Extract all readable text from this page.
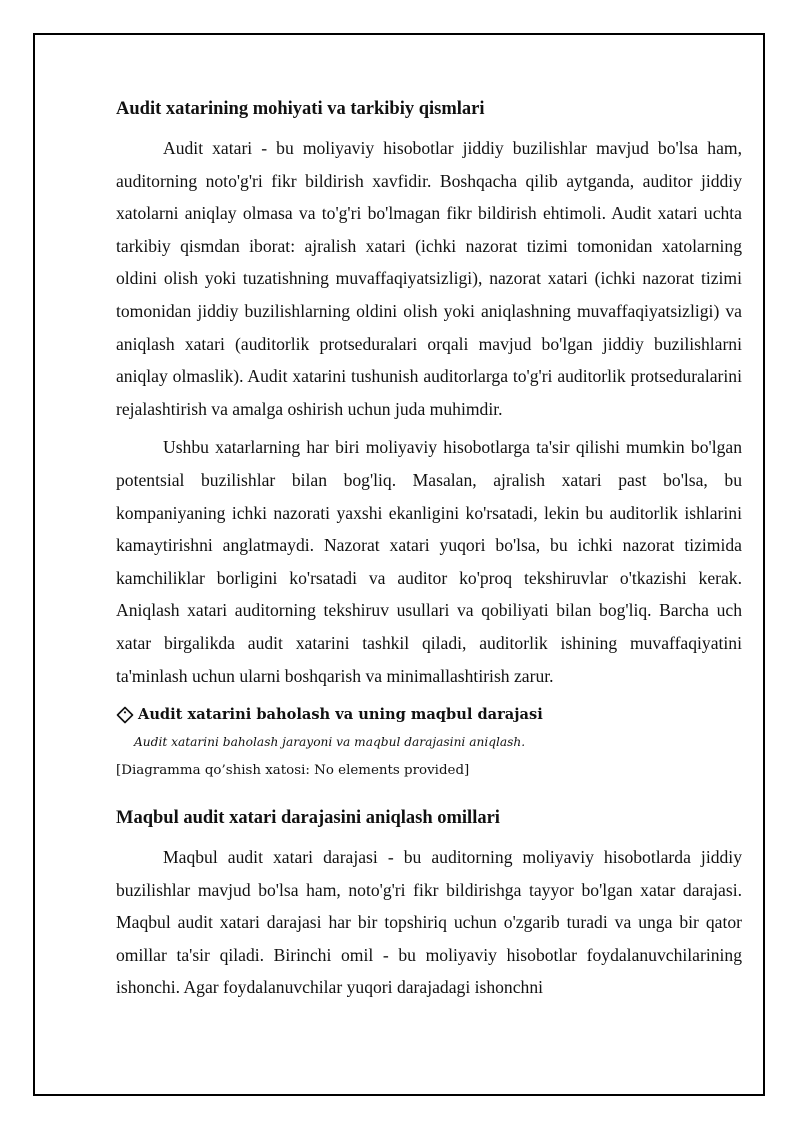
Audit xatarining mohiyati va tarkibiy qismlari

Audit xatari - bu moliyaviy hisobotlar jiddiy buzilishlar mavjud bo'lsa ham, auditorning noto'g'ri fikr bildirish xavfidir. Boshqacha qilib aytganda, auditor jiddiy xatolarni aniqlay olmasa va to'g'ri bo'lmagan fikr bildirish ehtimoli. Audit xatari uchta tarkibiy qismdan iborat: ajralish xatari (ichki nazorat tizimi tomonidan xatolarning oldini olish yoki tuzatishning muvaffaqiyatsizligi), nazorat xatari (ichki nazorat tizimi tomonidan jiddiy buzilishlarning oldini olish yoki aniqlashning muvaffaqiyatsizligi) va aniqlash xatari (auditorlik protseduralari orqali mavjud bo'lgan jiddiy buzilishlarni aniqlay olmaslik). Audit xatarini tushunish auditorlarga to'g'ri auditorlik protseduralarini rejalashtirish va amalga oshirish uchun juda muhimdir.

Ushbu xatarlarning har biri moliyaviy hisobotlarga ta'sir qilishi mumkin bo'lgan potentsial buzilishlar bilan bog'liq. Masalan, ajralish xatari past bo'lsa, bu kompaniyaning ichki nazorati yaxshi ekanligini ko'rsatadi, lekin bu auditorlik ishlarini kamaytirishni anglatmaydi. Nazorat xatari yuqori bo'lsa, bu ichki nazorat tizimida kamchiliklar borligini ko'rsatadi va auditor ko'proq tekshiruvlar o'tkazishi kerak. Aniqlash xatari auditorning tekshiruv usullari va qobiliyati bilan bog'liq. Barcha uch xatar birgalikda audit xatarini tashkil qiladi, auditorlik ishining muvaffaqiyatini ta'minlash uchun ularni boshqarish va minimallashtirish zarur.

Audit xatarini baholash va uning maqbul darajasi
Audit xatarini baholash jarayoni va maqbul darajasini aniqlash.
[Diagramma qo’shish xatosi: No elements provided]
Maqbul audit xatari darajasini aniqlash omillari

Maqbul audit xatari darajasi - bu auditorning moliyaviy hisobotlarda jiddiy buzilishlar mavjud bo'lsa ham, noto'g'ri fikr bildirishga tayyor bo'lgan xatar darajasi. Maqbul audit xatari darajasi har bir topshiriq uchun o'zgarib turadi va unga bir qator omillar ta'sir qiladi. Birinchi omil - bu moliyaviy hisobotlar foydalanuvchilarining ishonchi. Agar foydalanuvchilar yuqori darajadagi ishonchni
